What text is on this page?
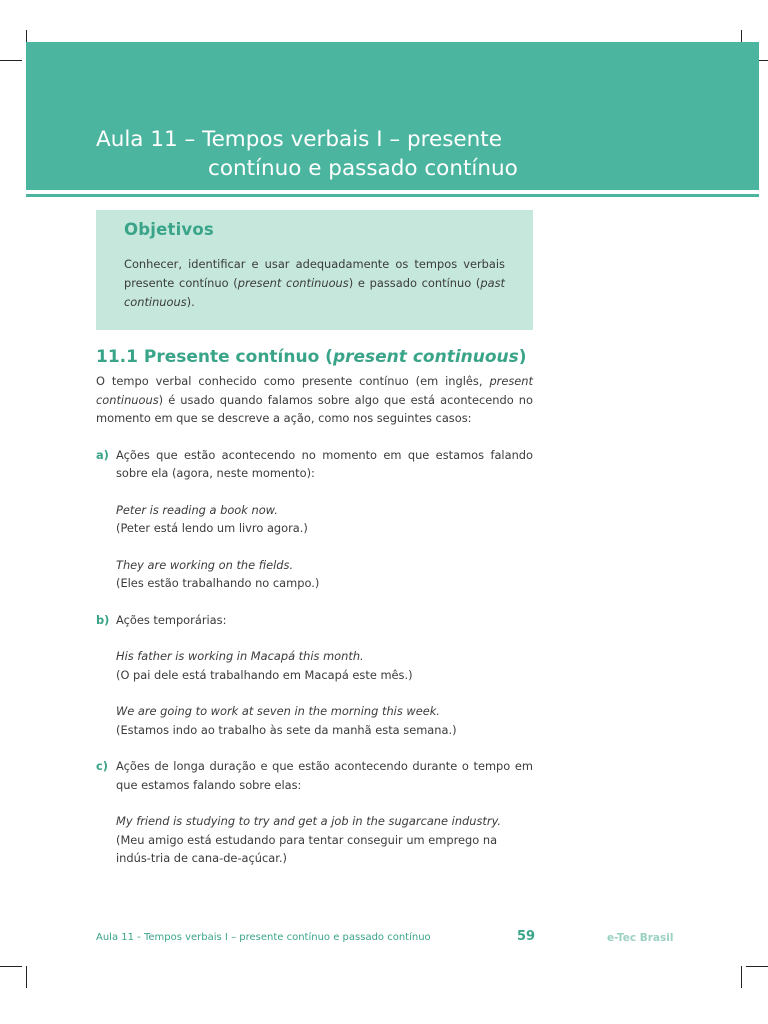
Aula 11 – Tempos verbais I – presente
contínuo e passado contínuo
Objetivos

Conhecer, identificar e usar adequadamente os tempos verbais presente contínuo (present continuous) e passado contínuo (past continuous).

11.1 Presente contínuo (present continuous)

O tempo verbal conhecido como presente contínuo (em inglês, present continuous) é usado quando falamos sobre algo que está acontecendo no momento em que se descreve a ação, como nos seguintes casos:

a) Ações que estão acontecendo no momento em que estamos falando sobre ela (agora, neste momento):

Peter is reading a book now.
(Peter está lendo um livro agora.)
They are working on the fields.
(Eles estão trabalhando no campo.)
b) Ações temporárias:

His father is working in Macapá this month.
(O pai dele está trabalhando em Macapá este mês.)
We are going to work at seven in the morning this week.
(Estamos indo ao trabalho às sete da manhã esta semana.)
c) Ações de longa duração e que estão acontecendo durante o tempo em que estamos falando sobre elas:

My friend is studying to try and get a job in the sugarcane industry.
(Meu amigo está estudando para tentar conseguir um emprego na indús-tria de cana-de-açúcar.)
Aula 11 - Tempos verbais I – presente contínuo e passado contínuo	59	e-Tec Brasil
